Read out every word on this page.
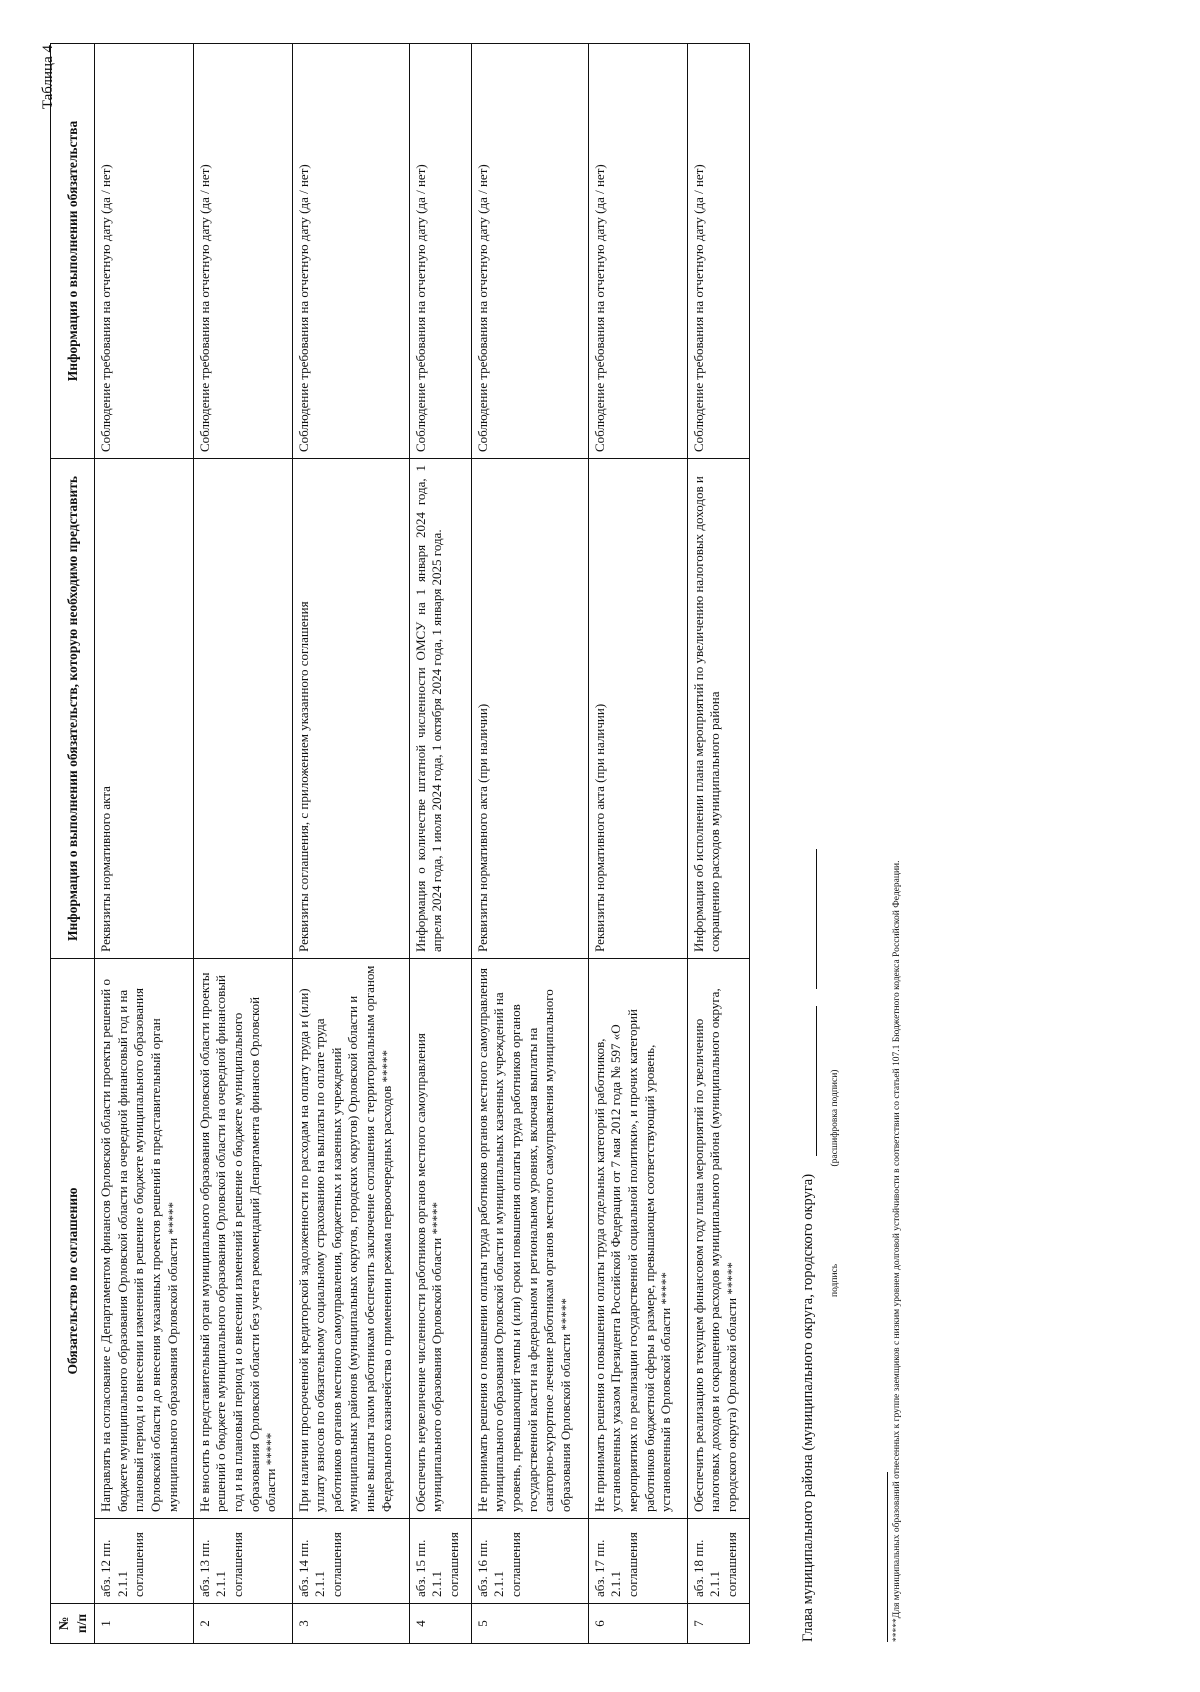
Таблица 4
№ п/п	Обязательство по соглашению		Информация о выполнении обязательств, которую необходимо представить	Информация о выполнении обязательства
1	абз. 12 пп. 2.1.1 соглашения	Направлять на согласование с Департаментом финансов Орловской области проекты решений о бюджете муниципального образования Орловской области на очередной финансовый год и на плановый период и о внесении изменений в решение о бюджете муниципального образования Орловской области до внесения указанных проектов решений в представительный орган муниципального образования Орловской области *****	Реквизиты нормативного акта	Соблюдение требования на отчетную дату (да / нет)
2	абз. 13 пп. 2.1.1 соглашения	Не вносить в представительный орган муниципального образования Орловской области проекты решений о бюджете муниципального образования Орловской области на очередной финансовый год и на плановый период и о внесении изменений в решение о бюджете муниципального образования Орловской области без учета рекомендаций Департамента финансов Орловской области *****		Соблюдение требования на отчетную дату (да / нет)
3	абз. 14 пп. 2.1.1 соглашения	При наличии просроченной кредиторской задолженности по расходам на оплату труда и (или) уплату взносов по обязательному социальному страхованию на выплаты по оплате труда работников органов местного самоуправления, бюджетных и казенных учреждений муниципальных районов (муниципальных округов, городских округов) Орловской области и иные выплаты таким работникам обеспечить заключение соглашения с территориальным органом Федерального казначейства о применении режима первоочередных расходов *****	Реквизиты соглашения, с приложением указанного соглашения	Соблюдение требования на отчетную дату (да / нет)
4	абз. 15 пп. 2.1.1 соглашения	Обеспечить неувеличение численности работников органов местного самоуправления муниципального образования Орловской области *****	Информация о количестве штатной численности ОМСУ на 1 января 2024 года, 1 апреля 2024 года, 1 июля 2024 года, 1 октября 2024 года, 1 января 2025 года.	Соблюдение требования на отчетную дату (да / нет)
5	абз. 16 пп. 2.1.1 соглашения	Не принимать решения о повышении оплаты труда работников органов местного самоуправления муниципального образования Орловской области и муниципальных казенных учреждений на уровень, превышающий темпы и (или) сроки повышения оплаты труда работников органов государственной власти на федеральном и региональном уровнях, включая выплаты на санаторно-курортное лечение работникам органов местного самоуправления муниципального образования Орловской области *****	Реквизиты нормативного акта (при наличии)	Соблюдение требования на отчетную дату (да / нет)
6	абз. 17 пп. 2.1.1 соглашения	Не принимать решения о повышении оплаты труда отдельных категорий работников, установленных указом Президента Российской Федерации от 7 мая 2012 года № 597 «О мероприятиях по реализации государственной социальной политики», и прочих категорий работников бюджетной сферы в размере, превышающем соответствующий уровень, установленный в Орловской области *****	Реквизиты нормативного акта (при наличии)	Соблюдение требования на отчетную дату (да / нет)
7	абз. 18 пп. 2.1.1 соглашения	Обеспечить реализацию в текущем финансовом году плана мероприятий по увеличению налоговых доходов и сокращению расходов муниципального района (муниципального округа, городского округа) Орловской области *****	Информация об исполнении плана мероприятий по увеличению налоговых доходов и сокращению расходов муниципального района	Соблюдение требования на отчетную дату (да / нет)
Глава муниципального района (муниципального округа, городского округа) подпись (расшифровка подписи)	*****Для муниципальных образований отнесенных к группе заемщиков с низким уровнем долговой устойчивости в соответствии со статьей 107.1 Бюджетного кодекса Российской Федерации.
